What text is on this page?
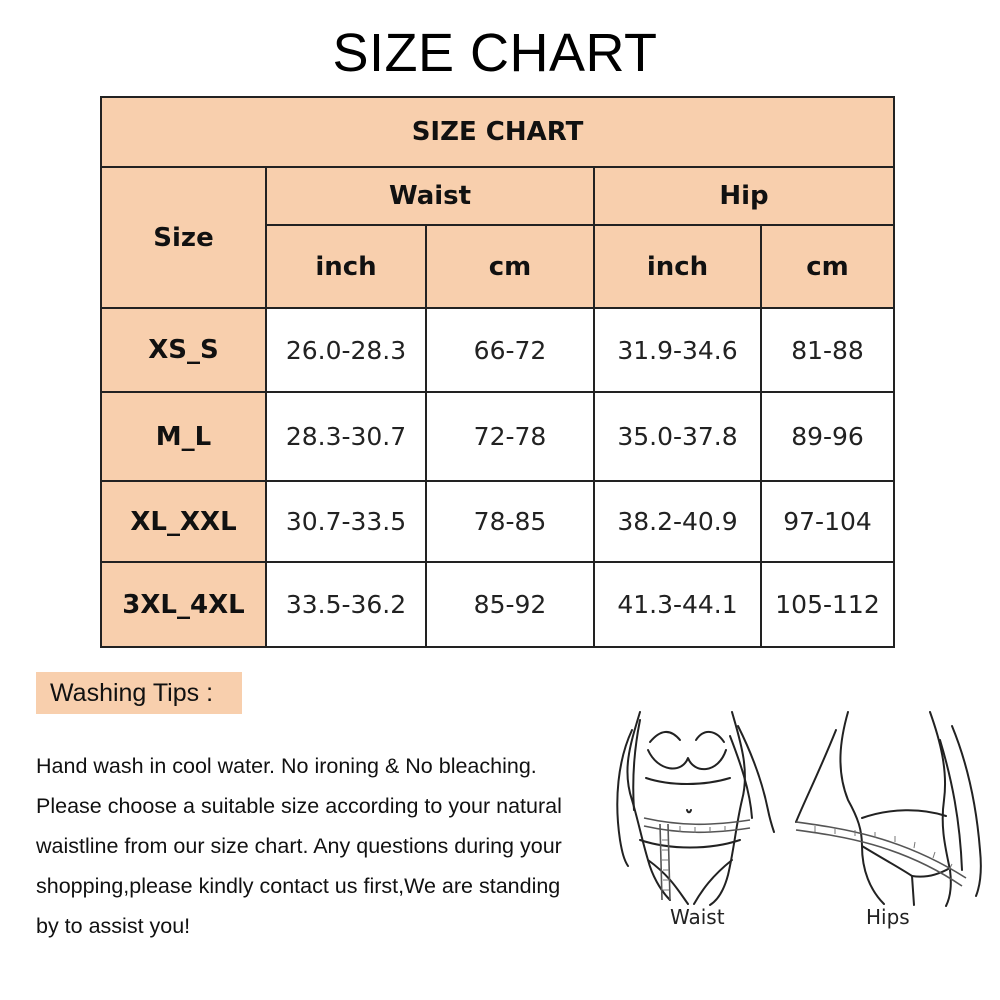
SIZE CHART
SIZE CHART				
Size	Waist		Hip	
	inch	cm	inch	cm
XS_S	26.0-28.3	66-72	31.9-34.6	81-88
M_L	28.3-30.7	72-78	35.0-37.8	89-96
XL_XXL	30.7-33.5	78-85	38.2-40.9	97-104
3XL_4XL	33.5-36.2	85-92	41.3-44.1	105-112
Washing Tips :
Hand wash in cool water. No ironing & No bleaching.
Please choose a suitable size according to your natural
waistline from our size chart. Any questions during your
shopping,please kindly contact us first,We are standing
by to assist you!	Waist	Hips
